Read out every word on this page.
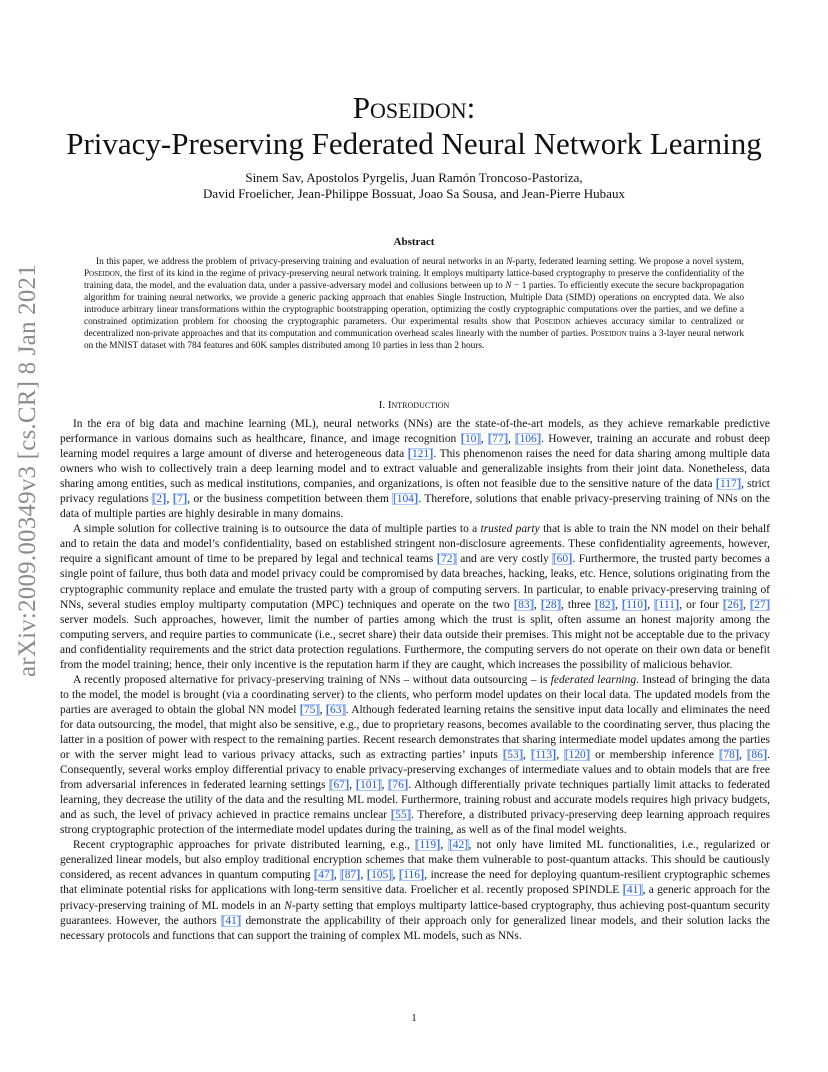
arXiv:2009.00349v3 [cs.CR] 8 Jan 2021
Poseidon:
Privacy-Preserving Federated Neural Network Learning
Sinem Sav, Apostolos Pyrgelis, Juan Ramón Troncoso-Pastoriza,
David Froelicher, Jean-Philippe Bossuat, Joao Sa Sousa, and Jean-Pierre Hubaux
Abstract

In this paper, we address the problem of privacy-preserving training and evaluation of neural networks in an N-party, federated learning setting. We propose a novel system, Poseidon, the first of its kind in the regime of privacy-preserving neural network training. It employs multiparty lattice-based cryptography to preserve the confidentiality of the training data, the model, and the evaluation data, under a passive-adversary model and collusions between up to N − 1 parties. To efficiently execute the secure backpropagation algorithm for training neural networks, we provide a generic packing approach that enables Single Instruction, Multiple Data (SIMD) operations on encrypted data. We also introduce arbitrary linear transformations within the cryptographic bootstrapping operation, optimizing the costly cryptographic computations over the parties, and we define a constrained optimization problem for choosing the cryptographic parameters. Our experimental results show that Poseidon achieves accuracy similar to centralized or decentralized non-private approaches and that its computation and communication overhead scales linearly with the number of parties. Poseidon trains a 3-layer neural network on the MNIST dataset with 784 features and 60K samples distributed among 10 parties in less than 2 hours.

I. Introduction

In the era of big data and machine learning (ML), neural networks (NNs) are the state-of-the-art models, as they achieve remarkable predictive performance in various domains such as healthcare, finance, and image recognition [10], [77], [106]. However, training an accurate and robust deep learning model requires a large amount of diverse and heterogeneous data [121]. This phenomenon raises the need for data sharing among multiple data owners who wish to collectively train a deep learning model and to extract valuable and generalizable insights from their joint data. Nonetheless, data sharing among entities, such as medical institutions, companies, and organizations, is often not feasible due to the sensitive nature of the data [117], strict privacy regulations [2], [7], or the business competition between them [104]. Therefore, solutions that enable privacy-preserving training of NNs on the data of multiple parties are highly desirable in many domains.

A simple solution for collective training is to outsource the data of multiple parties to a trusted party that is able to train the NN model on their behalf and to retain the data and model’s confidentiality, based on established stringent non-disclosure agreements. These confidentiality agreements, however, require a significant amount of time to be prepared by legal and technical teams [72] and are very costly [60]. Furthermore, the trusted party becomes a single point of failure, thus both data and model privacy could be compromised by data breaches, hacking, leaks, etc. Hence, solutions originating from the cryptographic community replace and emulate the trusted party with a group of computing servers. In particular, to enable privacy-preserving training of NNs, several studies employ multiparty computation (MPC) techniques and operate on the two [83], [28], three [82], [110], [111], or four [26], [27] server models. Such approaches, however, limit the number of parties among which the trust is split, often assume an honest majority among the computing servers, and require parties to communicate (i.e., secret share) their data outside their premises. This might not be acceptable due to the privacy and confidentiality requirements and the strict data protection regulations. Furthermore, the computing servers do not operate on their own data or benefit from the model training; hence, their only incentive is the reputation harm if they are caught, which increases the possibility of malicious behavior.

A recently proposed alternative for privacy-preserving training of NNs – without data outsourcing – is federated learning. Instead of bringing the data to the model, the model is brought (via a coordinating server) to the clients, who perform model updates on their local data. The updated models from the parties are averaged to obtain the global NN model [75], [63]. Although federated learning retains the sensitive input data locally and eliminates the need for data outsourcing, the model, that might also be sensitive, e.g., due to proprietary reasons, becomes available to the coordinating server, thus placing the latter in a position of power with respect to the remaining parties. Recent research demonstrates that sharing intermediate model updates among the parties or with the server might lead to various privacy attacks, such as extracting parties’ inputs [53], [113], [120] or membership inference [78], [86]. Consequently, several works employ differential privacy to enable privacy-preserving exchanges of intermediate values and to obtain models that are free from adversarial inferences in federated learning settings [67], [101], [76]. Although differentially private techniques partially limit attacks to federated learning, they decrease the utility of the data and the resulting ML model. Furthermore, training robust and accurate models requires high privacy budgets, and as such, the level of privacy achieved in practice remains unclear [55]. Therefore, a distributed privacy-preserving deep learning approach requires strong cryptographic protection of the intermediate model updates during the training, as well as of the final model weights.

Recent cryptographic approaches for private distributed learning, e.g., [119], [42], not only have limited ML functionalities, i.e., regularized or generalized linear models, but also employ traditional encryption schemes that make them vulnerable to post-quantum attacks. This should be cautiously considered, as recent advances in quantum computing [47], [87], [105], [116], increase the need for deploying quantum-resilient cryptographic schemes that eliminate potential risks for applications with long-term sensitive data. Froelicher et al. recently proposed SPINDLE [41], a generic approach for the privacy-preserving training of ML models in an N-party setting that employs multiparty lattice-based cryptography, thus achieving post-quantum security guarantees. However, the authors [41] demonstrate the applicability of their approach only for generalized linear models, and their solution lacks the necessary protocols and functions that can support the training of complex ML models, such as NNs.

1
